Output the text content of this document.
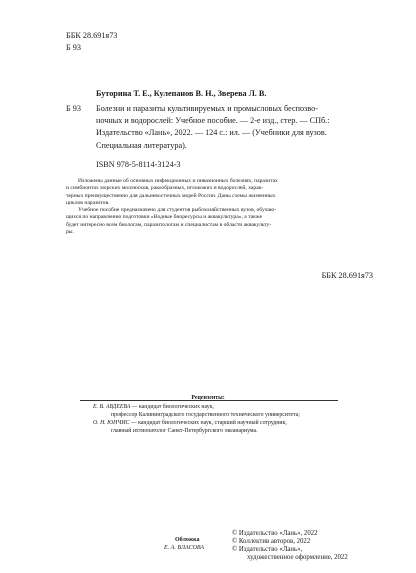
ББК 28.691я73
Б 93
Буторина Т. Е., Кулепанов В. Н., Зверева Л. В.
Б 93 Болезни и паразиты культивируемых и промысловых беспозво-
ночных и водорослей: Учебное пособие. — 2-е изд., стер. — СПб.:
Издательство «Лань», 2022. — 124 с.: ил. — (Учебники для вузов.
Специальная литература).
ISBN 978-5-8114-3124-3
Изложены данные об основных инфекционных и инвазионных болезнях, паразитах
и симбионтах морских моллюсков, ракообразных, иглокожих и водорослей, харак-
терных преимущественно для дальневосточных морей России. Даны схемы жизненных
циклов паразитов.
Учебное пособие предназначено для студентов рыбохозяйственных вузов, обучаю-
щихся по направлению подготовки «Водные биоресурсы и аквакультура», а также
будет интересно всем биологам, паразитологам и специалистам в области аквакульту-
ры.
ББК 28.691я73
Рецензенты:
Е. В. АВДЕЕВА — кандидат биологических наук,
профессор Калининградского государственного технического университета;
О. Н. ЮНЧИС — кандидат биологических наук, старший научный сотрудник,
главный ихтиопатолог Санкт-Петербургского океанариума.
Обложка
Е. А. ВЛАСОВА
© Издательство «Лань», 2022
© Коллектив авторов, 2022
© Издательство «Лань»,
художественное оформление, 2022
